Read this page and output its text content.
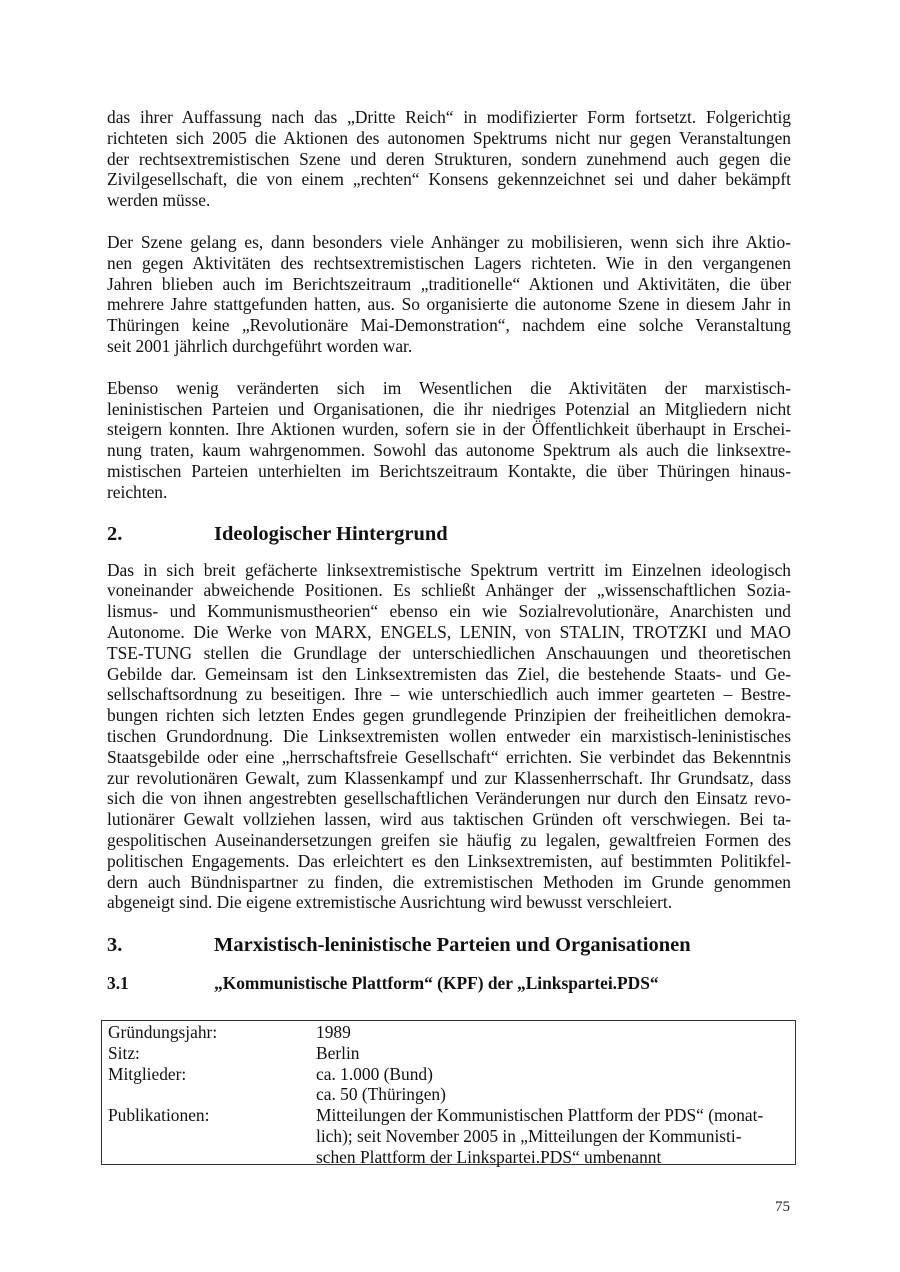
das ihrer Auffassung nach das „Dritte Reich“ in modifizierter Form fortsetzt. Folgerichtig
richteten sich 2005 die Aktionen des autonomen Spektrums nicht nur gegen Veranstaltungen
der rechtsextremistischen Szene und deren Strukturen, sondern zunehmend auch gegen die
Zivilgesellschaft, die von einem „rechten“ Konsens gekennzeichnet sei und daher bekämpft
werden müsse.
Der Szene gelang es, dann besonders viele Anhänger zu mobilisieren, wenn sich ihre Aktio-
nen gegen Aktivitäten des rechtsextremistischen Lagers richteten. Wie in den vergangenen
Jahren blieben auch im Berichtszeitraum „traditionelle“ Aktionen und Aktivitäten, die über
mehrere Jahre stattgefunden hatten, aus. So organisierte die autonome Szene in diesem Jahr in
Thüringen keine „Revolutionäre Mai-Demonstration“, nachdem eine solche Veranstaltung
seit 2001 jährlich durchgeführt worden war.
Ebenso wenig veränderten sich im Wesentlichen die Aktivitäten der marxistisch-
leninistischen Parteien und Organisationen, die ihr niedriges Potenzial an Mitgliedern nicht
steigern konnten. Ihre Aktionen wurden, sofern sie in der Öffentlichkeit überhaupt in Erschei-
nung traten, kaum wahrgenommen. Sowohl das autonome Spektrum als auch die linksextre-
mistischen Parteien unterhielten im Berichtszeitraum Kontakte, die über Thüringen hinaus-
reichten.
2.	Ideologischer Hintergrund
Das in sich breit gefächerte linksextremistische Spektrum vertritt im Einzelnen ideologisch
voneinander abweichende Positionen. Es schließt Anhänger der „wissenschaftlichen Sozia-
lismus- und Kommunismustheorien“ ebenso ein wie Sozialrevolutionäre, Anarchisten und
Autonome. Die Werke von MARX, ENGELS, LENIN, von STALIN, TROTZKI und MAO
TSE-TUNG stellen die Grundlage der unterschiedlichen Anschauungen und theoretischen
Gebilde dar. Gemeinsam ist den Linksextremisten das Ziel, die bestehende Staats- und Ge-
sellschaftsordnung zu beseitigen. Ihre – wie unterschiedlich auch immer gearteten – Bestre-
bungen richten sich letzten Endes gegen grundlegende Prinzipien der freiheitlichen demokra-
tischen Grundordnung. Die Linksextremisten wollen entweder ein marxistisch-leninistisches
Staatsgebilde oder eine „herrschaftsfreie Gesellschaft“ errichten. Sie verbindet das Bekenntnis
zur revolutionären Gewalt, zum Klassenkampf und zur Klassenherrschaft. Ihr Grundsatz, dass
sich die von ihnen angestrebten gesellschaftlichen Veränderungen nur durch den Einsatz revo-
lutionärer Gewalt vollziehen lassen, wird aus taktischen Gründen oft verschwiegen. Bei ta-
gespolitischen Auseinandersetzungen greifen sie häufig zu legalen, gewaltfreien Formen des
politischen Engagements. Das erleichtert es den Linksextremisten, auf bestimmten Politikfel-
dern auch Bündnispartner zu finden, die extremistischen Methoden im Grunde genommen
abgeneigt sind. Die eigene extremistische Ausrichtung wird bewusst verschleiert.
3.	Marxistisch-leninistische Parteien und Organisationen
3.1	„Kommunistische Plattform“ (KPF) der „Linkspartei.PDS“
Gründungsjahr:	1989
Sitz:	Berlin
Mitglieder:	ca. 1.000 (Bund)
ca. 50 (Thüringen)
Publikationen:	Mitteilungen der Kommunistischen Plattform der PDS“ (monat-
lich); seit November 2005 in „Mitteilungen der Kommunisti-
schen Plattform der Linkspartei.PDS“ umbenannt
75
